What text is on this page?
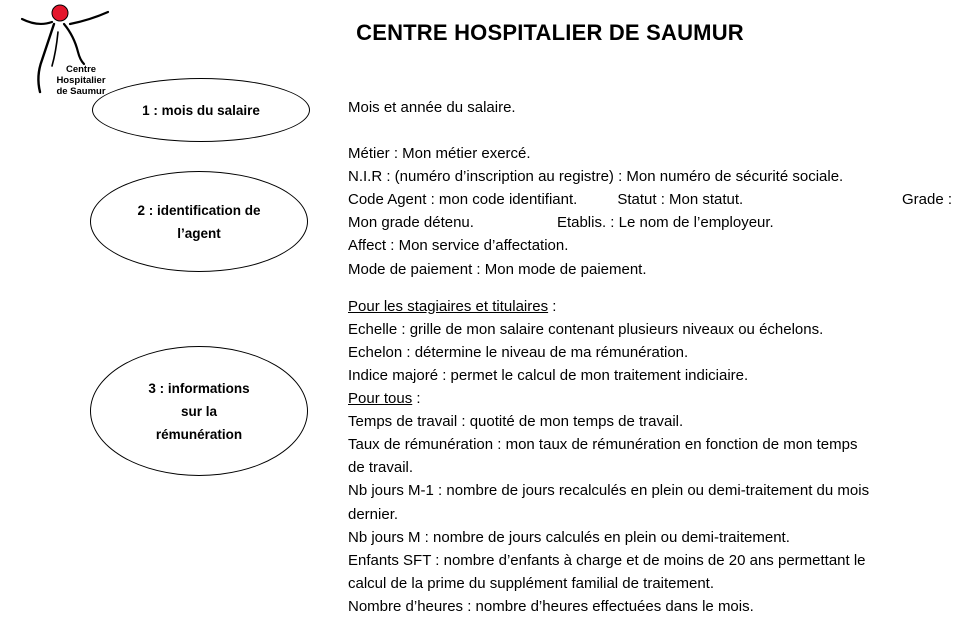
Centre
Hospitalier
de Saumur
CENTRE HOSPITALIER DE SAUMUR
1 : mois du salaire
2 : identification de
l’agent
3 : informations
sur la
rémunération
Mois et année du salaire.
Métier : Mon métier exercé.
N.I.R : (numéro d’inscription au registre) : Mon numéro de sécurité sociale.
Code Agent : mon code identifiant.	Statut : Mon statut.	Grade :
Mon grade détenu.	Etablis. : Le nom de l’employeur.
Affect : Mon service d’affectation.
Mode de paiement : Mon mode de paiement.
Pour les stagiaires et titulaires :
Echelle : grille de mon salaire contenant plusieurs niveaux ou échelons.
Echelon : détermine le niveau de ma rémunération.
Indice majoré : permet le calcul de mon traitement indiciaire.
Pour tous :
Temps de travail : quotité de mon temps de travail.
Taux de rémunération : mon taux de rémunération en fonction de mon temps
de travail.
Nb jours M-1 : nombre de jours recalculés en plein ou demi-traitement du mois
dernier.
Nb jours M : nombre de jours calculés en plein ou demi-traitement.
Enfants SFT : nombre d’enfants à charge et de moins de 20 ans permettant le
calcul de la prime du supplément familial de traitement.
Nombre d’heures : nombre d’heures effectuées dans le mois.
